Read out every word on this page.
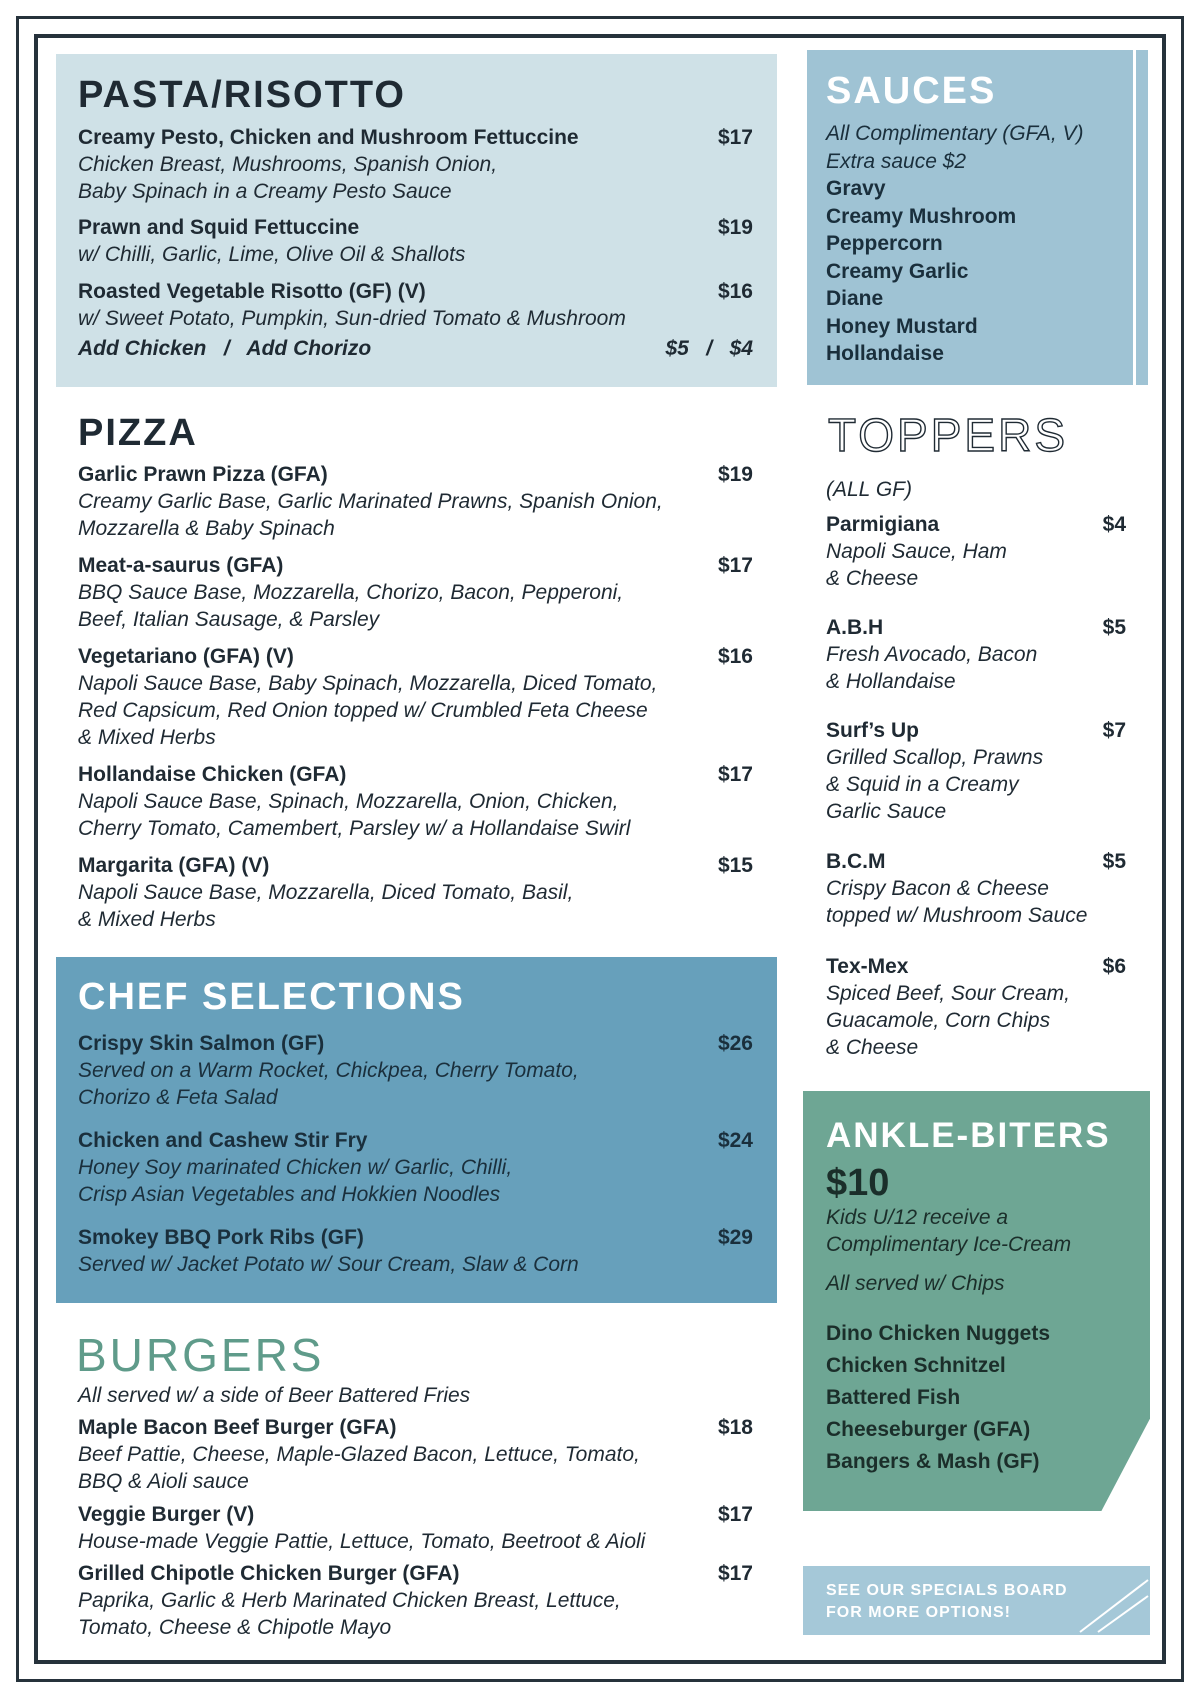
PASTA/RISOTTO
Creamy Pesto, Chicken and Mushroom Fettuccine	$17
Chicken Breast, Mushrooms, Spanish Onion,
Baby Spinach in a Creamy Pesto Sauce
Prawn and Squid Fettuccine	$19
w/ Chilli, Garlic, Lime, Olive Oil & Shallots
Roasted Vegetable Risotto (GF) (V)	$16
w/ Sweet Potato, Pumpkin, Sun-dried Tomato & Mushroom
Add Chicken   /   Add Chorizo	$5   /   $4
SAUCES
All Complimentary (GFA, V)
Extra sauce $2
Gravy
Creamy Mushroom
Peppercorn
Creamy Garlic
Diane
Honey Mustard
Hollandaise
PIZZA
Garlic Prawn Pizza (GFA)	$19
Creamy Garlic Base, Garlic Marinated Prawns, Spanish Onion,
Mozzarella & Baby Spinach
Meat-a-saurus (GFA)	$17
BBQ Sauce Base, Mozzarella, Chorizo, Bacon, Pepperoni,
Beef, Italian Sausage, & Parsley
Vegetariano (GFA) (V)	$16
Napoli Sauce Base, Baby Spinach, Mozzarella, Diced Tomato,
Red Capsicum, Red Onion topped w/ Crumbled Feta Cheese
& Mixed Herbs
Hollandaise Chicken (GFA)	$17
Napoli Sauce Base, Spinach, Mozzarella, Onion, Chicken,
Cherry Tomato, Camembert, Parsley w/ a Hollandaise Swirl
Margarita (GFA) (V)	$15
Napoli Sauce Base, Mozzarella, Diced Tomato, Basil,
& Mixed Herbs
TOPPERS
(ALL GF)
Parmigiana	$4
Napoli Sauce, Ham
& Cheese
A.B.H	$5
Fresh Avocado, Bacon
& Hollandaise
Surf’s Up	$7
Grilled Scallop, Prawns
& Squid in a Creamy
Garlic Sauce
B.C.M	$5
Crispy Bacon & Cheese
topped w/ Mushroom Sauce
Tex-Mex	$6
Spiced Beef, Sour Cream,
Guacamole, Corn Chips
& Cheese
CHEF SELECTIONS
Crispy Skin Salmon (GF)	$26
Served on a Warm Rocket, Chickpea, Cherry Tomato,
Chorizo & Feta Salad
Chicken and Cashew Stir Fry	$24
Honey Soy marinated Chicken w/ Garlic, Chilli,
Crisp Asian Vegetables and Hokkien Noodles
Smokey BBQ Pork Ribs (GF)	$29
Served w/ Jacket Potato w/ Sour Cream, Slaw & Corn
BURGERS
All served w/ a side of Beer Battered Fries
Maple Bacon Beef Burger (GFA)	$18
Beef Pattie, Cheese, Maple-Glazed Bacon, Lettuce, Tomato,
BBQ & Aioli sauce
Veggie Burger (V)	$17
House-made Veggie Pattie, Lettuce, Tomato, Beetroot & Aioli
Grilled Chipotle Chicken Burger (GFA)	$17
Paprika, Garlic & Herb Marinated Chicken Breast, Lettuce,
Tomato, Cheese & Chipotle Mayo
ANKLE-BITERS
$10
Kids U/12 receive a
Complimentary Ice-Cream
All served w/ Chips
Dino Chicken Nuggets
Chicken Schnitzel
Battered Fish
Cheeseburger (GFA)
Bangers & Mash (GF)
SEE OUR SPECIALS BOARD
FOR MORE OPTIONS!
